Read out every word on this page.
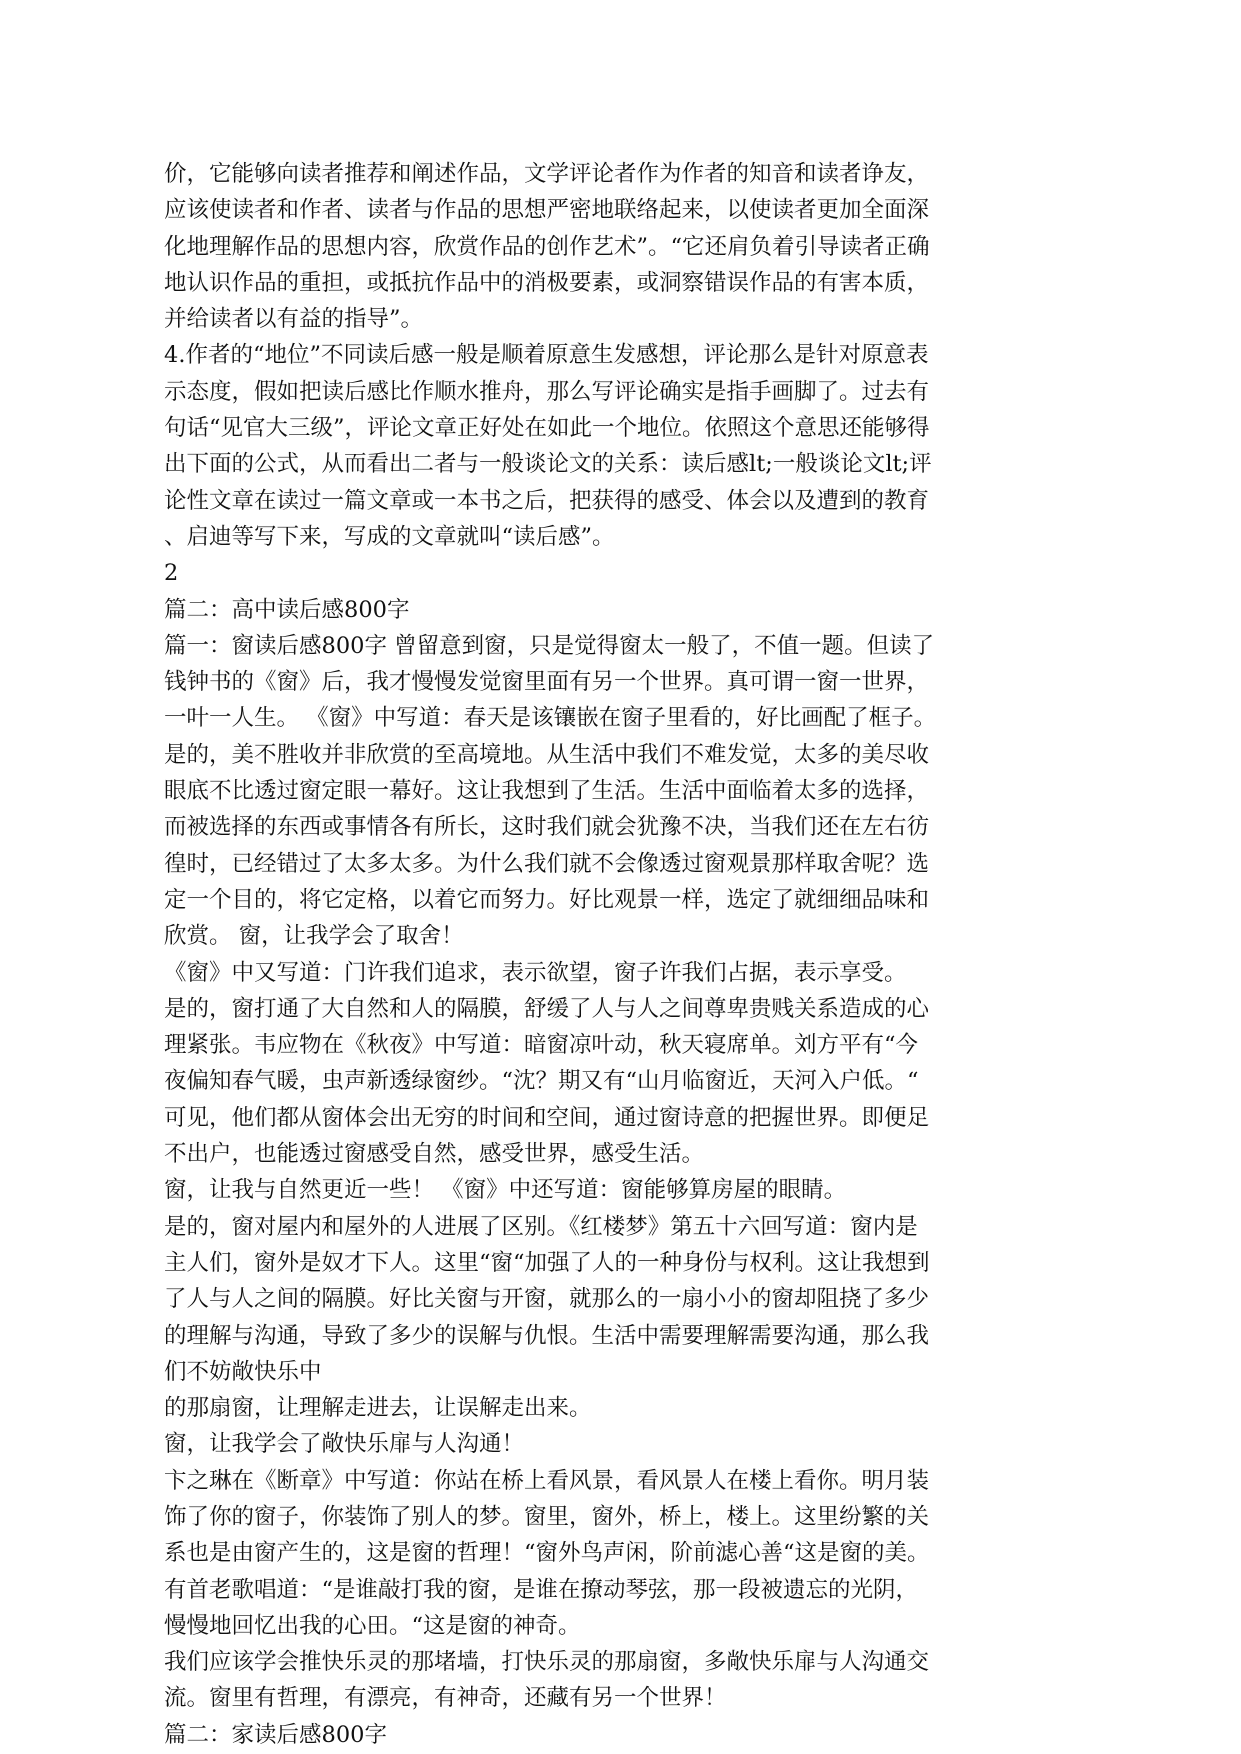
价，它能够向读者推荐和阐述作品，文学评论者作为作者的知音和读者诤友，
应该使读者和作者、读者与作品的思想严密地联络起来，以使读者更加全面深
化地理解作品的思想内容，欣赏作品的创作艺术”。“它还肩负着引导读者正确
地认识作品的重担，或抵抗作品中的消极要素，或洞察错误作品的有害本质，
并给读者以有益的指导”。
4.作者的“地位”不同读后感一般是顺着原意生发感想，评论那么是针对原意表
示态度，假如把读后感比作顺水推舟，那么写评论确实是指手画脚了。过去有
句话“见官大三级”，评论文章正好处在如此一个地位。依照这个意思还能够得
出下面的公式，从而看出二者与一般谈论文的关系：读后感lt;一般谈论文lt;评
论性文章在读过一篇文章或一本书之后，把获得的感受、体会以及遭到的教育
、启迪等写下来，写成的文章就叫“读后感”。
2
篇二：高中读后感800字
篇一：窗读后感800字 曾留意到窗，只是觉得窗太一般了，不值一题。但读了
钱钟书的《窗》后，我才慢慢发觉窗里面有另一个世界。真可谓一窗一世界，
一叶一人生。 《窗》中写道：春天是该镶嵌在窗子里看的，好比画配了框子。
是的，美不胜收并非欣赏的至高境地。从生活中我们不难发觉，太多的美尽收
眼底不比透过窗定眼一幕好。这让我想到了生活。生活中面临着太多的选择，
而被选择的东西或事情各有所长，这时我们就会犹豫不决，当我们还在左右彷
徨时，已经错过了太多太多。为什么我们就不会像透过窗观景那样取舍呢？选
定一个目的，将它定格，以着它而努力。好比观景一样，选定了就细细品味和
欣赏。 窗，让我学会了取舍！
《窗》中又写道：门许我们追求，表示欲望，窗子许我们占据，表示享受。
是的，窗打通了大自然和人的隔膜，舒缓了人与人之间尊卑贵贱关系造成的心
理紧张。韦应物在《秋夜》中写道：暗窗凉叶动，秋天寝席单。刘方平有“今
夜偏知春气暖，虫声新透绿窗纱。“沈？期又有“山月临窗近，天河入户低。“
可见，他们都从窗体会出无穷的时间和空间，通过窗诗意的把握世界。即便足
不出户，也能透过窗感受自然，感受世界，感受生活。
窗，让我与自然更近一些！ 《窗》中还写道：窗能够算房屋的眼睛。
是的，窗对屋内和屋外的人进展了区别。《红楼梦》第五十六回写道：窗内是
主人们，窗外是奴才下人。这里“窗“加强了人的一种身份与权利。这让我想到
了人与人之间的隔膜。好比关窗与开窗，就那么的一扇小小的窗却阻挠了多少
的理解与沟通，导致了多少的误解与仇恨。生活中需要理解需要沟通，那么我
们不妨敞快乐中
的那扇窗，让理解走进去，让误解走出来。
窗，让我学会了敞快乐扉与人沟通！
卞之琳在《断章》中写道：你站在桥上看风景，看风景人在楼上看你。明月装
饰了你的窗子，你装饰了别人的梦。窗里，窗外，桥上，楼上。这里纷繁的关
系也是由窗产生的，这是窗的哲理！“窗外鸟声闲，阶前滤心善“这是窗的美。
有首老歌唱道：“是谁敲打我的窗，是谁在撩动琴弦，那一段被遗忘的光阴，
慢慢地回忆出我的心田。“这是窗的神奇。
我们应该学会推快乐灵的那堵墙，打快乐灵的那扇窗，多敞快乐扉与人沟通交
流。窗里有哲理，有漂亮，有神奇，还藏有另一个世界！
篇二：家读后感800字
